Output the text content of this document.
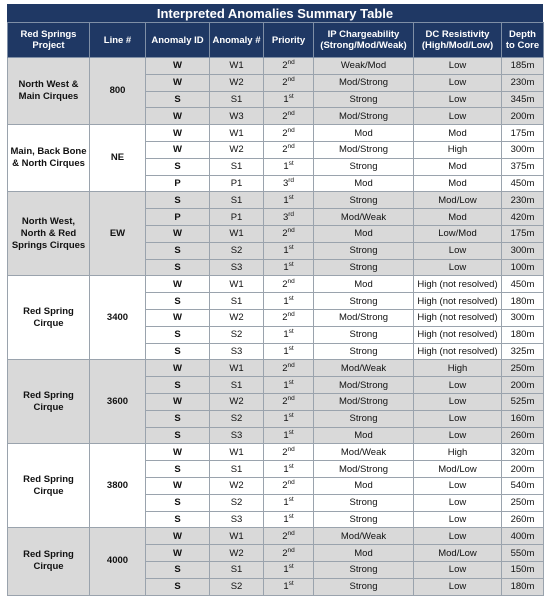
Interpreted Anomalies Summary Table
Red Springs Project	Line #	Anomaly ID	Anomaly #	Priority	IP Chargeability (Strong/Mod/Weak)	DC Resistivity (High/Mod/Low)	Depth to Core
North West & Main Cirques	800	W	W1	2nd	Weak/Mod	Low	185m
		W	W2	2nd	Mod/Strong	Low	230m
		S	S1	1st	Strong	Low	345m
		W	W3	2nd	Mod/Strong	Low	200m
Main, Back Bone & North Cirques	NE	W	W1	2nd	Mod	Mod	175m
		W	W2	2nd	Mod/Strong	High	300m
		S	S1	1st	Strong	Mod	375m
		P	P1	3rd	Mod	Mod	450m
North West, North & Red Springs Cirques	EW	S	S1	1st	Strong	Mod/Low	230m
		P	P1	3rd	Mod/Weak	Mod	420m
		W	W1	2nd	Mod	Low/Mod	175m
		S	S2	1st	Strong	Low	300m
		S	S3	1st	Strong	Low	100m
Red Spring Cirque	3400	W	W1	2nd	Mod	High (not resolved)	450m
		S	S1	1st	Strong	High (not resolved)	180m
		W	W2	2nd	Mod/Strong	High (not resolved)	300m
		S	S2	1st	Strong	High (not resolved)	180m
		S	S3	1st	Strong	High (not resolved)	325m
Red Spring Cirque	3600	W	W1	2nd	Mod/Weak	High	250m
		S	S1	1st	Mod/Strong	Low	200m
		W	W2	2nd	Mod/Strong	Low	525m
		S	S2	1st	Strong	Low	160m
		S	S3	1st	Mod	Low	260m
Red Spring Cirque	3800	W	W1	2nd	Mod/Weak	High	320m
		S	S1	1st	Mod/Strong	Mod/Low	200m
		W	W2	2nd	Mod	Low	540m
		S	S2	1st	Strong	Low	250m
		S	S3	1st	Strong	Low	260m
Red Spring Cirque	4000	W	W1	2nd	Mod/Weak	Low	400m
		W	W2	2nd	Mod	Mod/Low	550m
		S	S1	1st	Strong	Low	150m
		S	S2	1st	Strong	Low	180m
